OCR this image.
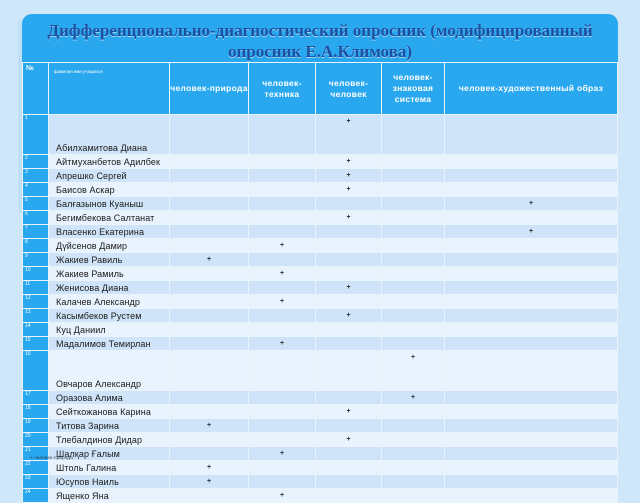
Дифференционально-диагностический опросник (модифицированный опросник Е.А.Климова)
№	фамилия имя учащихся	человек-природа	человек-техника	человек-человек	человек-знаковая система	человек-художественный образ
1	Абилхамитова Диана			+		
2	Айтмуханбетов Адилбек			+		
3	Апрешко Сергей			+		
4	Баисов Аскар			+		
5	Балғазынов Куаныш					+
6	Бегимбекова Салтанат			+		
7	Власенко Екатерина					+
8	Дүйсенов Дамир		+			
9	Жакиев Равиль	+				
10	Жакиев Рамиль		+			
11	Женисова Диана			+		
12	Калачев Александр		+			
13	Касымбеков Рустем			+		
14	Куц Даниил					
15	Мадалимов Темирлан		+			
16	Овчаров Александр				+	
17	Оразова Алима				+	
18	Сейткожанова Карина			+		
19	Титова Зарина	+				
20	Тлебалдинов Дидар			+		
21	Шалқар Ғалым		+			
22	Штоль Галина	+				
23	Юсупов Наиль	+				
24	Ященко Яна		+			
+ человек-природа
